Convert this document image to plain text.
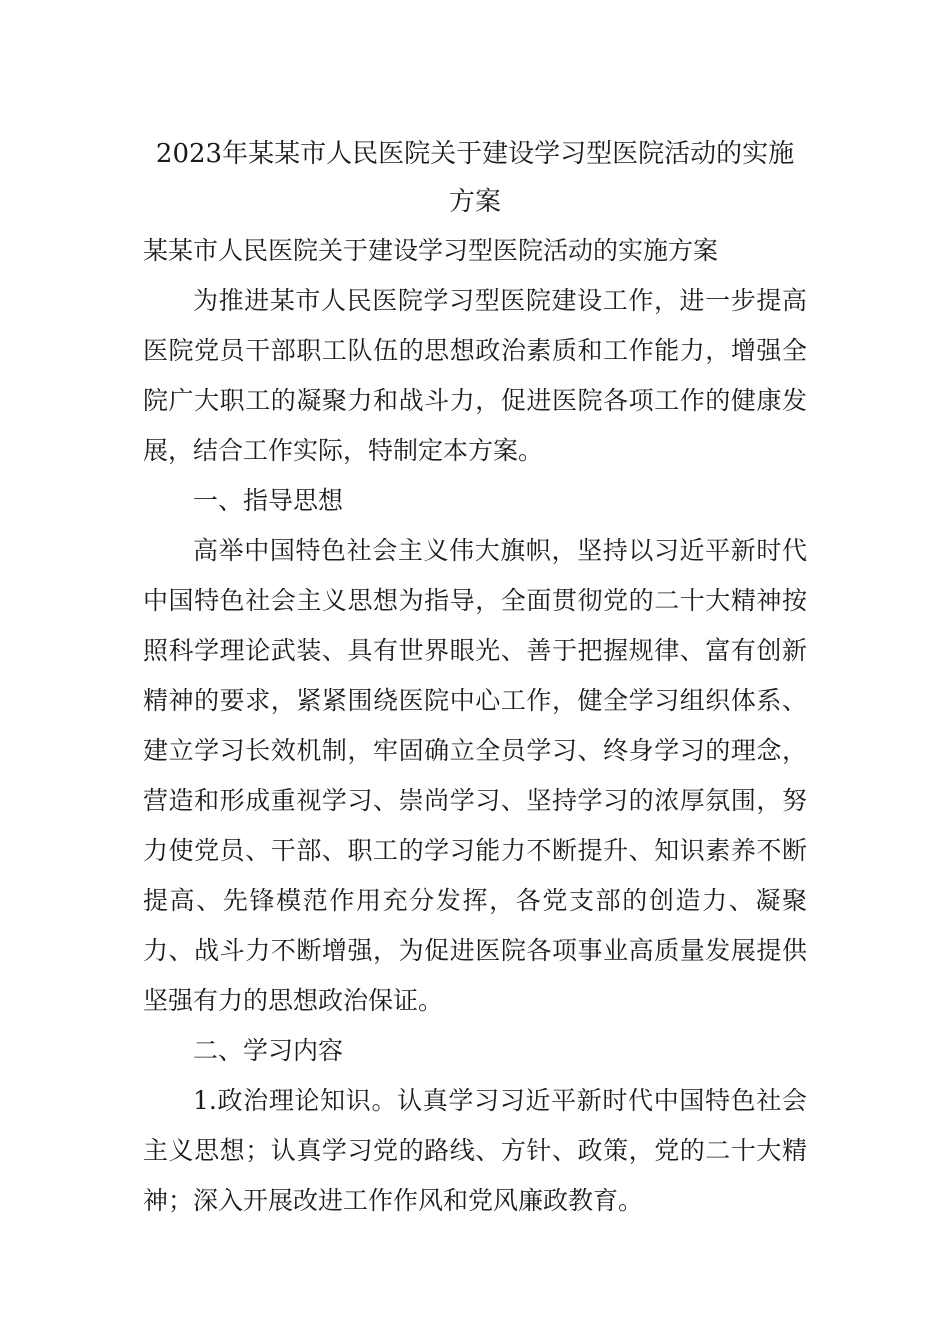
2023年某某市人民医院关于建设学习型医院活动的实施方案

某某市人民医院关于建设学习型医院活动的实施方案

为推进某市人民医院学习型医院建设工作，进一步提高医院党员干部职工队伍的思想政治素质和工作能力，增强全院广大职工的凝聚力和战斗力，促进医院各项工作的健康发展，结合工作实际，特制定本方案。

一、指导思想

高举中国特色社会主义伟大旗帜，坚持以习近平新时代中国特色社会主义思想为指导，全面贯彻党的二十大精神按照科学理论武装、具有世界眼光、善于把握规律、富有创新精神的要求，紧紧围绕医院中心工作，健全学习组织体系、建立学习长效机制，牢固确立全员学习、终身学习的理念，营造和形成重视学习、崇尚学习、坚持学习的浓厚氛围，努力使党员、干部、职工的学习能力不断提升、知识素养不断提高、先锋模范作用充分发挥，各党支部的创造力、凝聚力、战斗力不断增强，为促进医院各项事业高质量发展提供坚强有力的思想政治保证。

二、学习内容

1.政治理论知识。认真学习习近平新时代中国特色社会主义思想；认真学习党的路线、方针、政策，党的二十大精神；深入开展改进工作作风和党风廉政教育。
